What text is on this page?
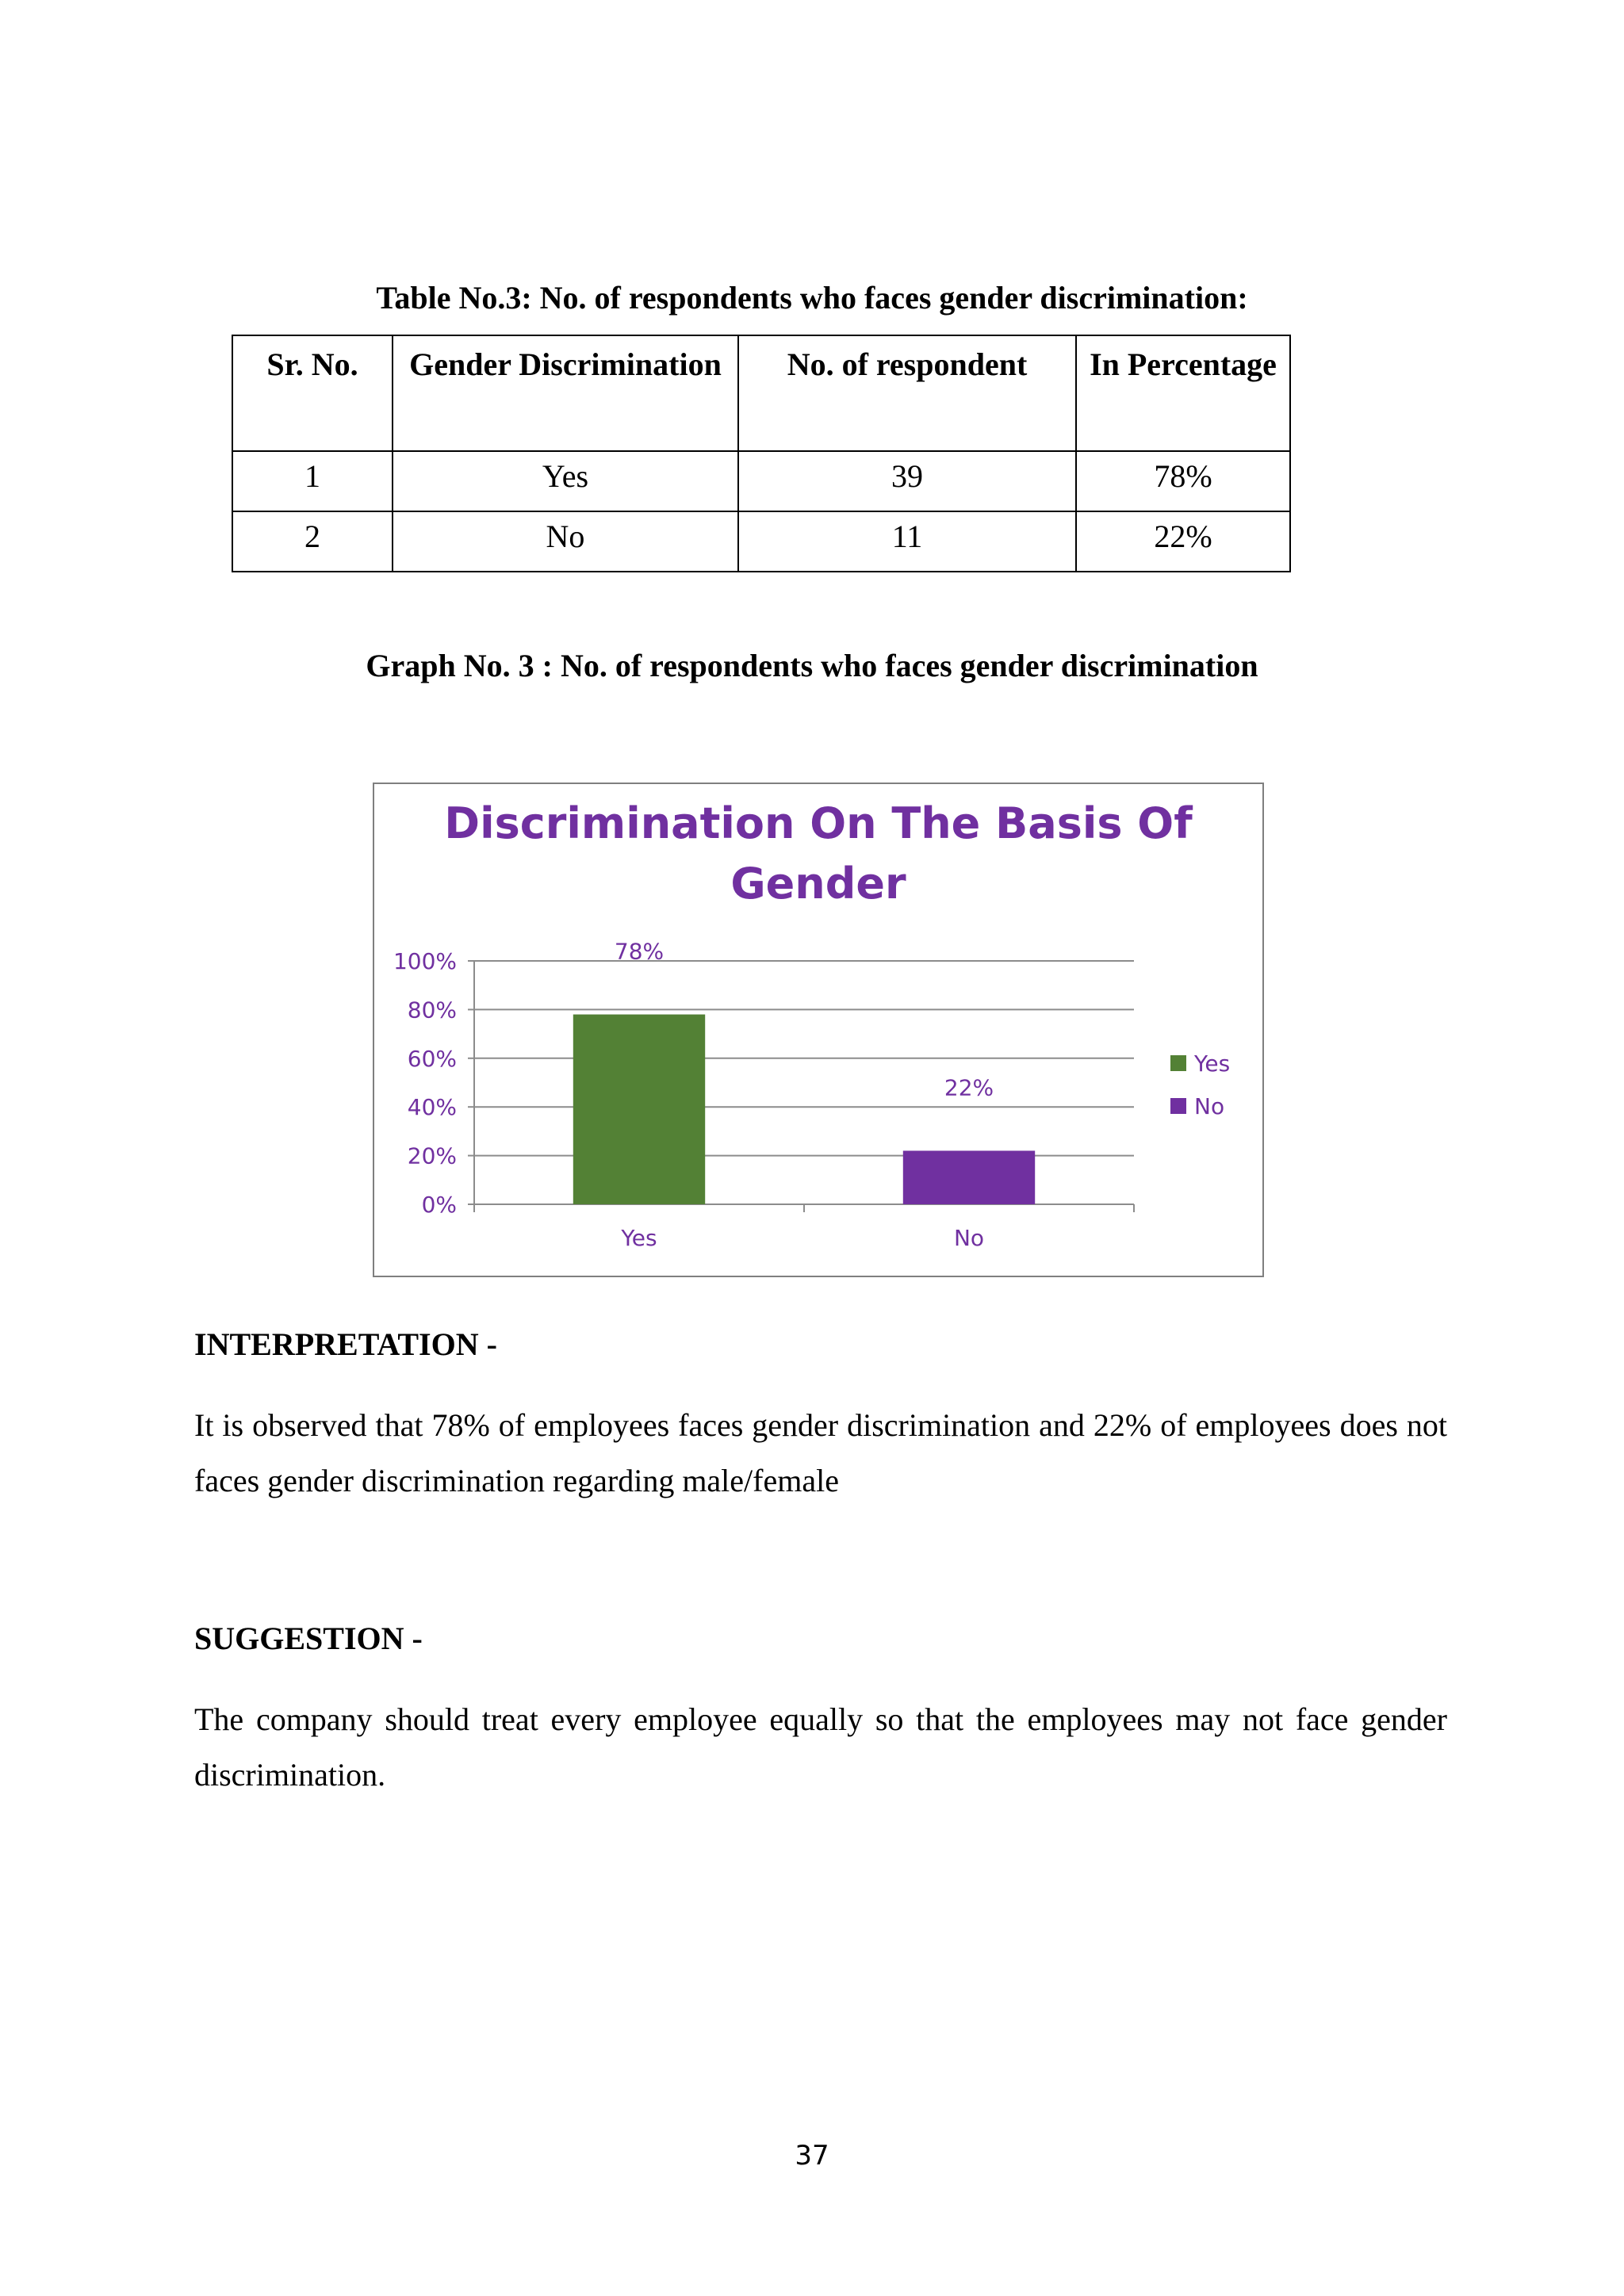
Table No.3: No. of respondents who faces gender discrimination:
Sr. No.	Gender Discrimination	No. of respondent	In Percentage
1	Yes	39	78%
2	No	11	22%
Graph No. 3 : No. of respondents who faces gender discrimination
Discrimination On The Basis Of
Gender
0%
20%
40%
60%
80%
100%	78%
22%
Yes	No
Yes
No
INTERPRETATION -
It is observed that 78% of employees faces gender discrimination and 22% of employees does not faces gender discrimination regarding male/female
SUGGESTION -
The company should treat every employee equally so that the employees may not face gender discrimination.
37
